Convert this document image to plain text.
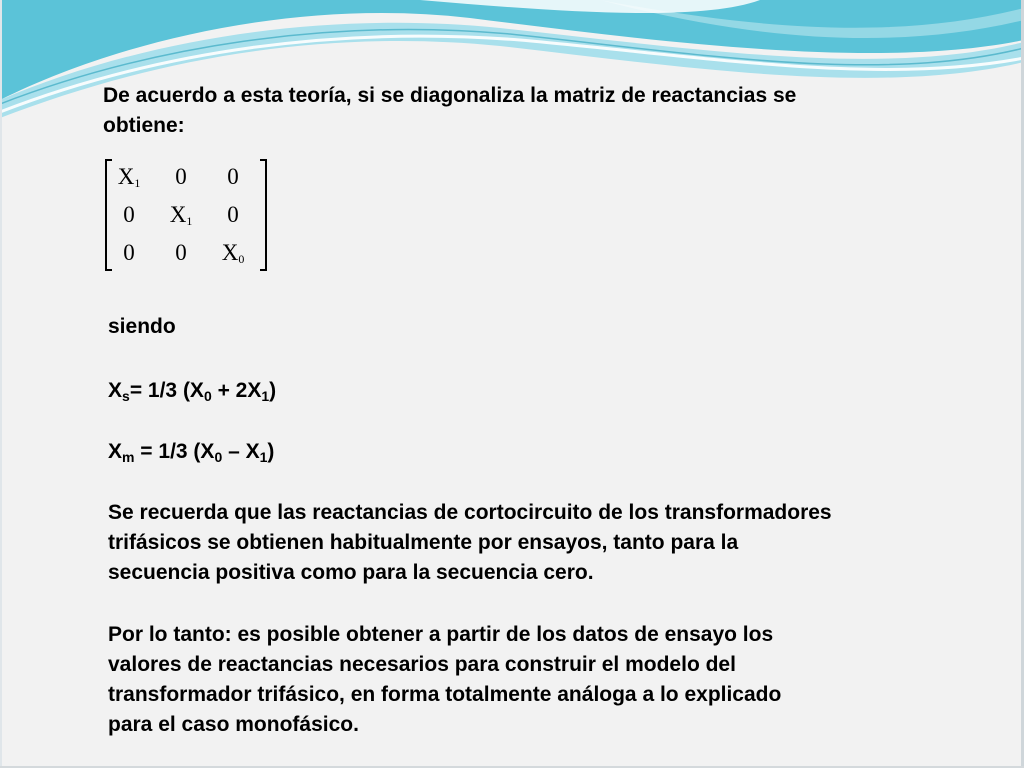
De acuerdo a esta teoría, si se diagonaliza la matriz de reactancias se
obtiene:
$X_1$	0	0
0	$X_1$	0
0	0	$X_0$
siendo
$X_s= 1/3$ $(X_0 + 2X_1)$
$X_m = 1/3$ $(X_0 - X_1)$
Se recuerda que las reactancias de cortocircuito de los transformadores
trifásicos se obtienen habitualmente por ensayos, tanto para la
secuencia positiva como para la secuencia cero.
Por lo tanto: es posible obtener a partir de los datos de ensayo los
valores de reactancias necesarios para construir el modelo del
transformador trifásico, en forma totalmente análoga a lo explicado
para el caso monofásico.
